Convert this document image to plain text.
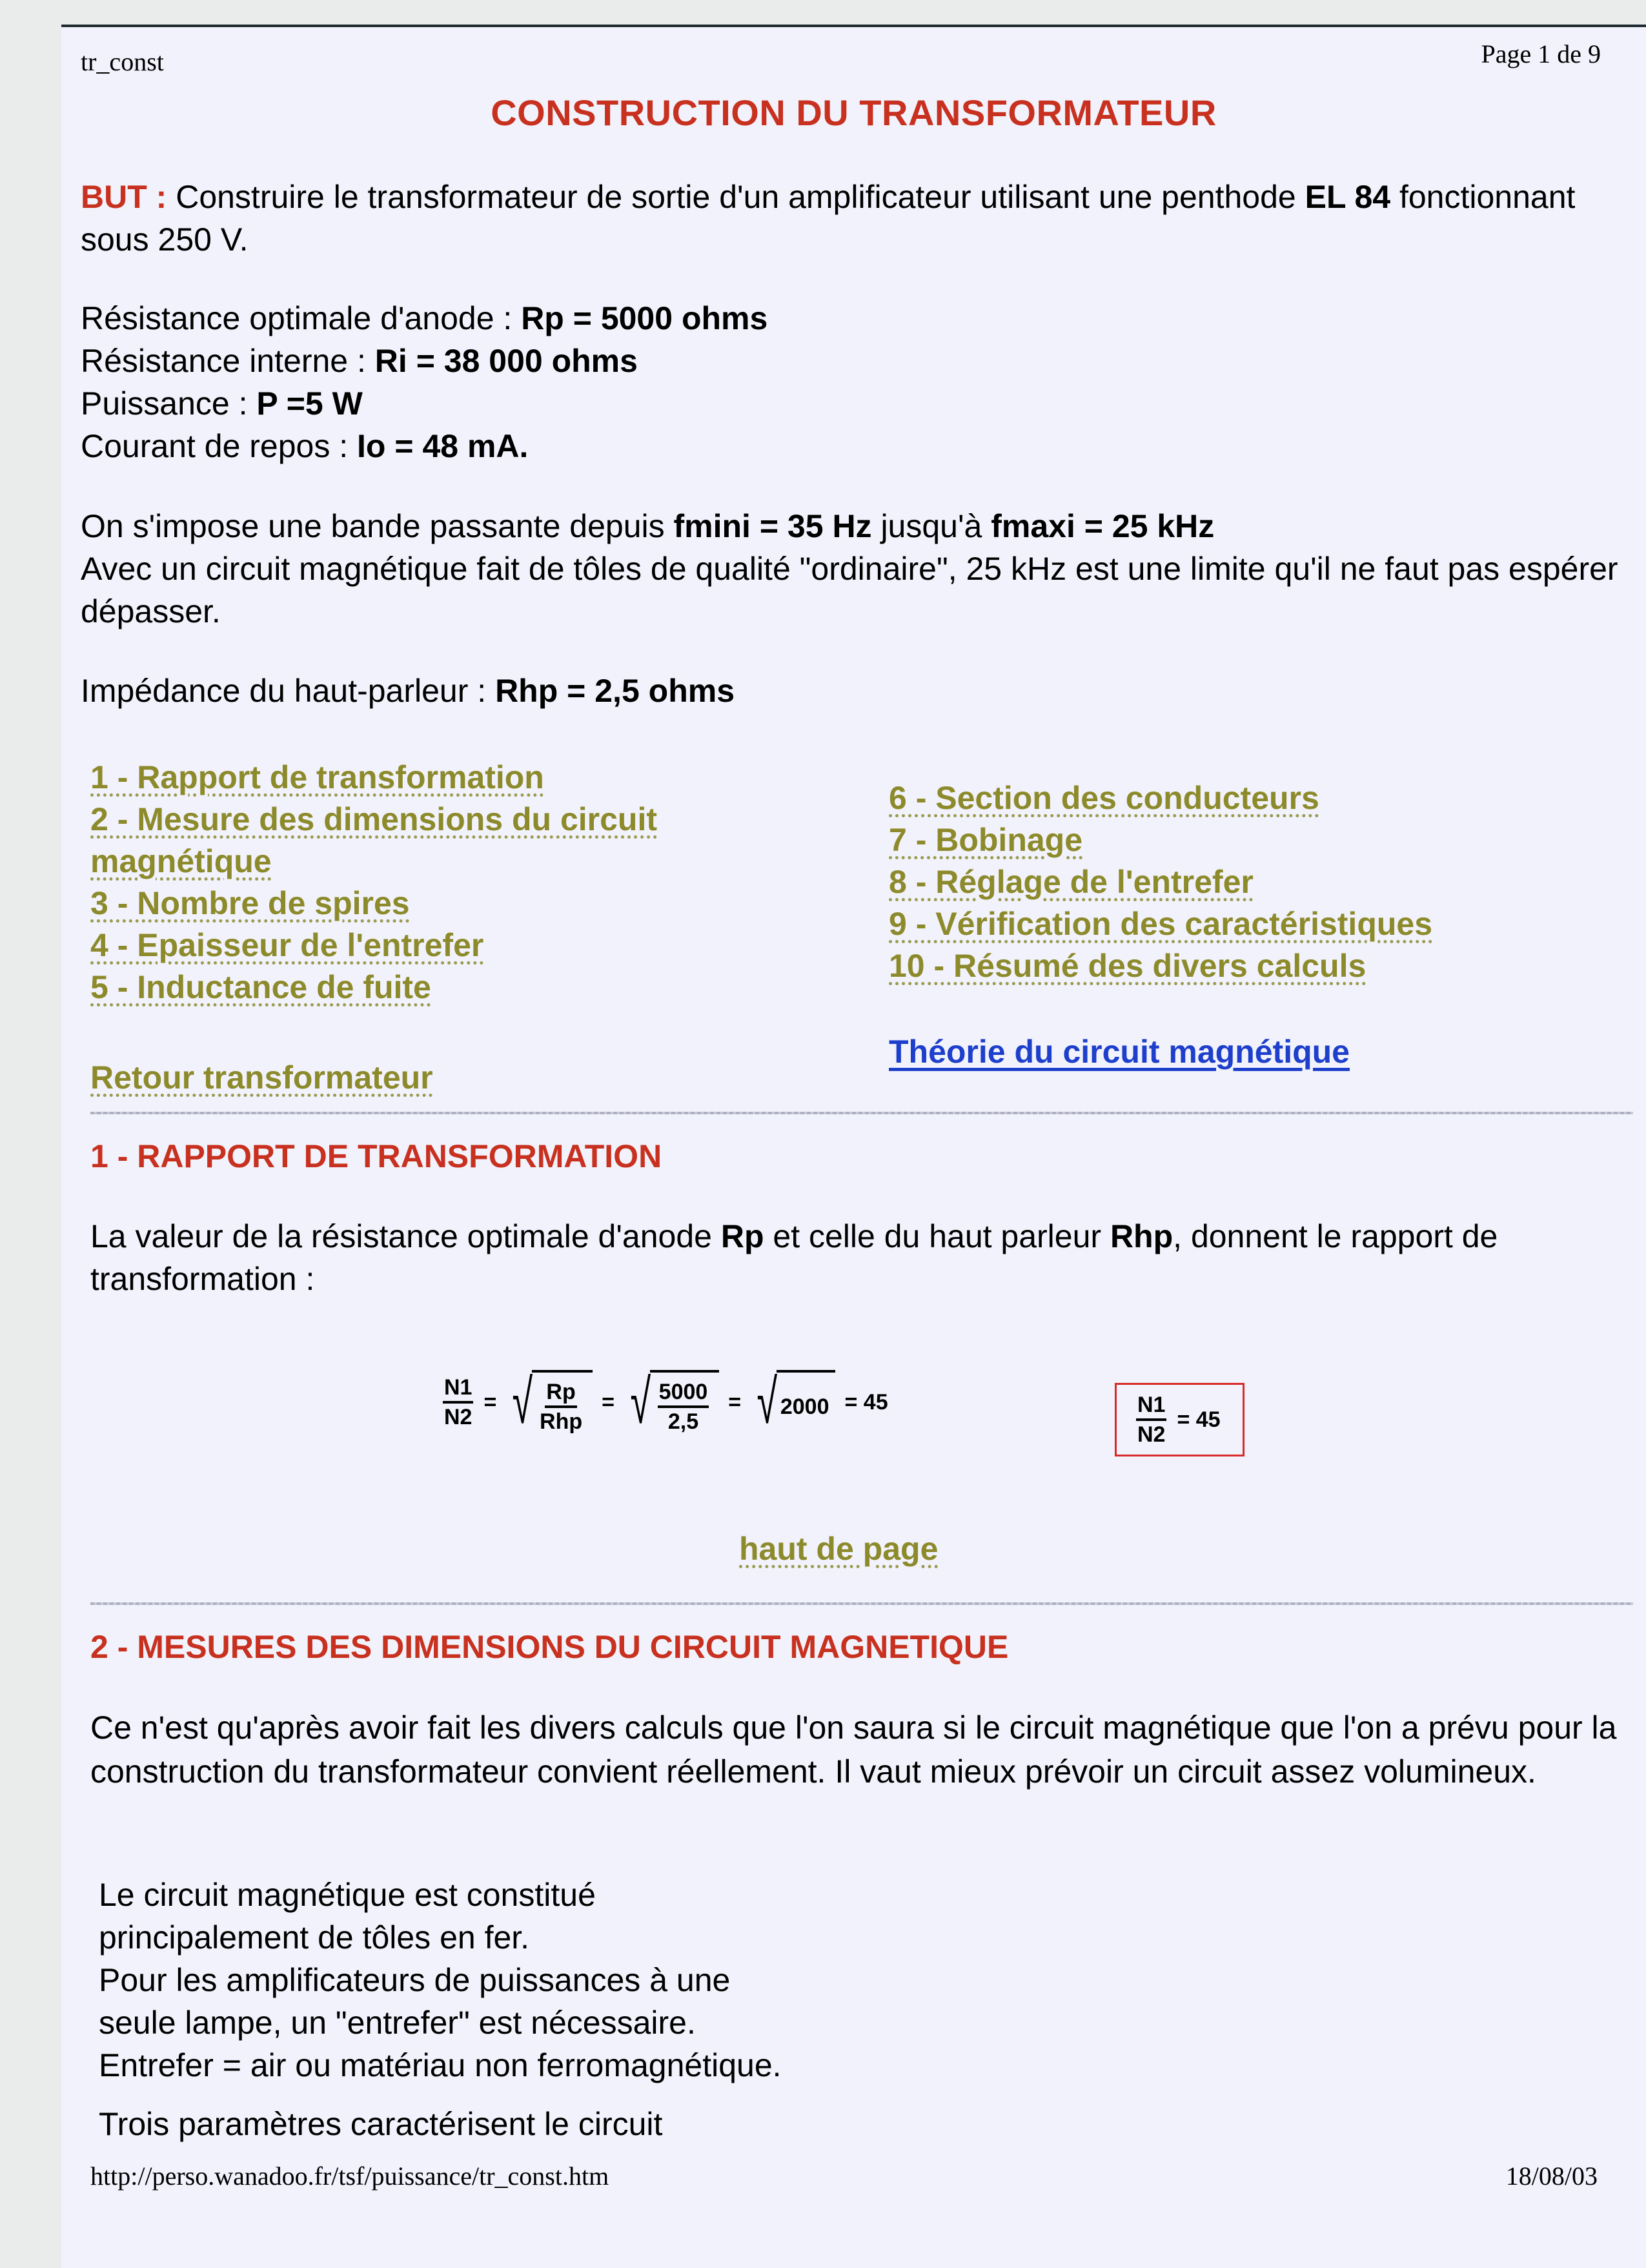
tr_const	Page 1 de 9
CONSTRUCTION DU TRANSFORMATEUR
BUT : Construire le transformateur de sortie d'un amplificateur utilisant une penthode EL 84 fonctionnant sous 250 V.
Résistance optimale d'anode : Rp = 5000 ohms
Résistance interne : Ri = 38 000 ohms
Puissance : P =5 W
Courant de repos : Io = 48 mA.
On s'impose une bande passante depuis fmini = 35 Hz jusqu'à fmaxi = 25 kHz
Avec un circuit magnétique fait de tôles de qualité "ordinaire", 25 kHz est une limite qu'il ne faut pas espérer dépasser.
Impédance du haut-parleur : Rhp = 2,5 ohms
1 - Rapport de transformation
2 - Mesure des dimensions du circuit magnétique
3 - Nombre de spires
4 - Epaisseur de l'entrefer
5 - Inductance de fuite
6 - Section des conducteurs
7 - Bobinage
8 - Réglage de l'entrefer
9 - Vérification des caractéristiques
10 - Résumé des divers calculs
Retour transformateur
Théorie du circuit magnétique
1 - RAPPORT DE TRANSFORMATION
La valeur de la résistance optimale d'anode Rp et celle du haut parleur Rhp, donnent le rapport de transformation :
$\frac{N1}{N2}$ = √ $\frac{Rp}{\text{Rhp}}$ = √ $\frac{5000}{2,5}$ = √ 2000 = 45	$\frac{N1}{N2} = 45$
haut de page
2 - MESURES DES DIMENSIONS DU CIRCUIT MAGNETIQUE
Ce n'est qu'après avoir fait les divers calculs que l'on saura si le circuit magnétique que l'on a prévu pour la construction du transformateur convient réellement. Il vaut mieux prévoir un circuit assez volumineux.
Le circuit magnétique est constitué
principalement de tôles en fer.
Pour les amplificateurs de puissances à une
seule lampe, un "entrefer" est nécessaire.
Entrefer = air ou matériau non ferromagnétique.
Trois paramètres caractérisent le circuit
http://perso.wanadoo.fr/tsf/puissance/tr_const.htm	18/08/03
